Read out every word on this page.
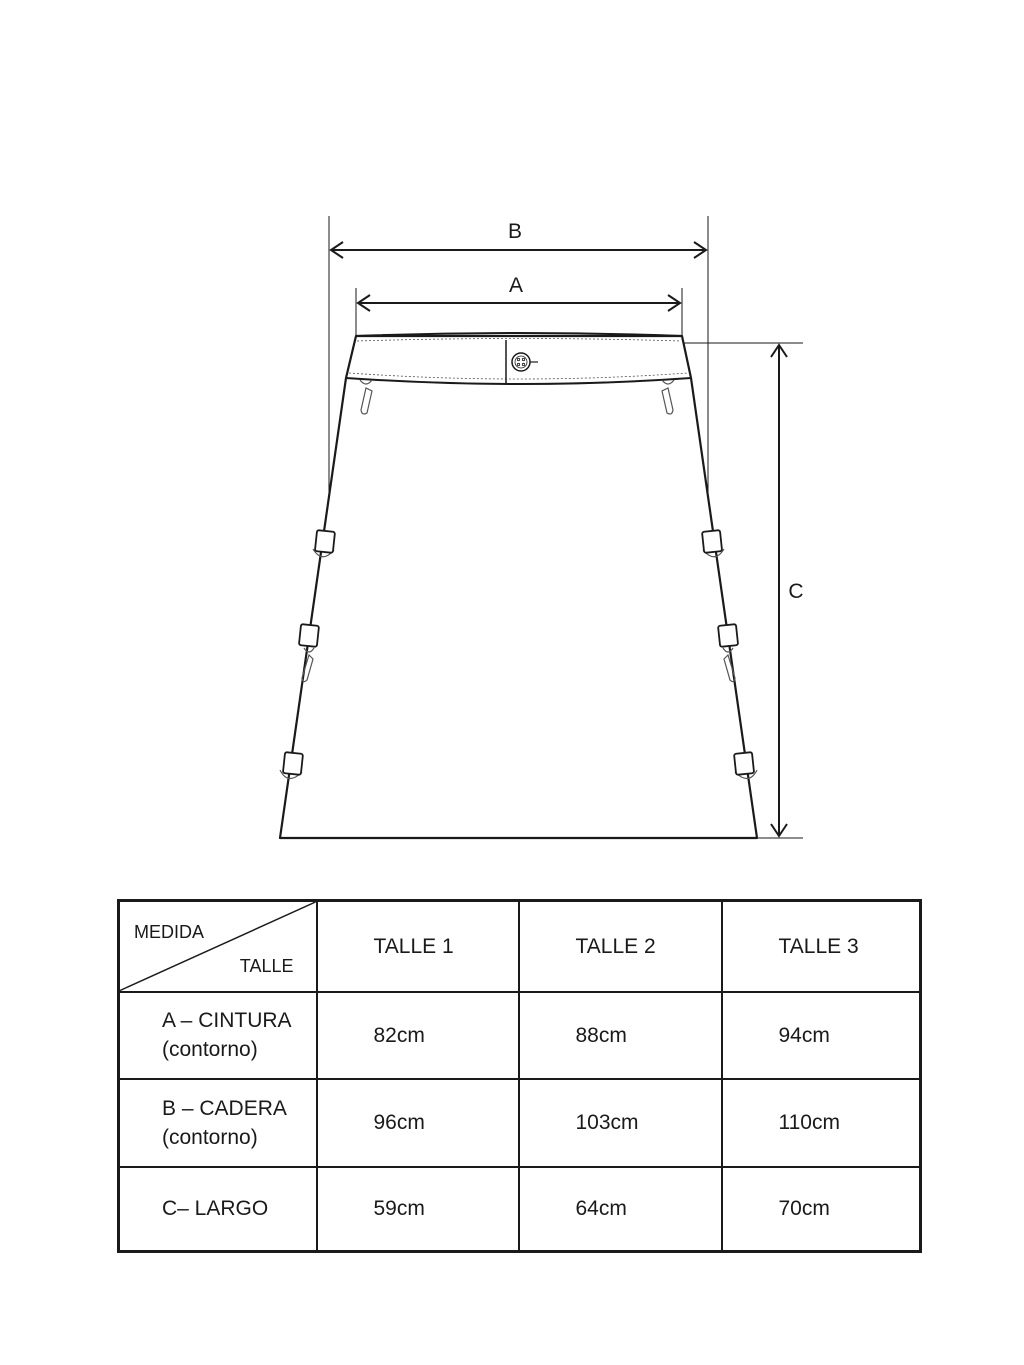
B
A
C
MEDIDA
TALLE	TALLE 1	TALLE 2	TALLE 3

A – CINTURA
(contorno)	82cm	88cm	94cm

B – CADERA
(contorno)	96cm	103cm	110cm
C– LARGO	59cm	64cm	70cm
